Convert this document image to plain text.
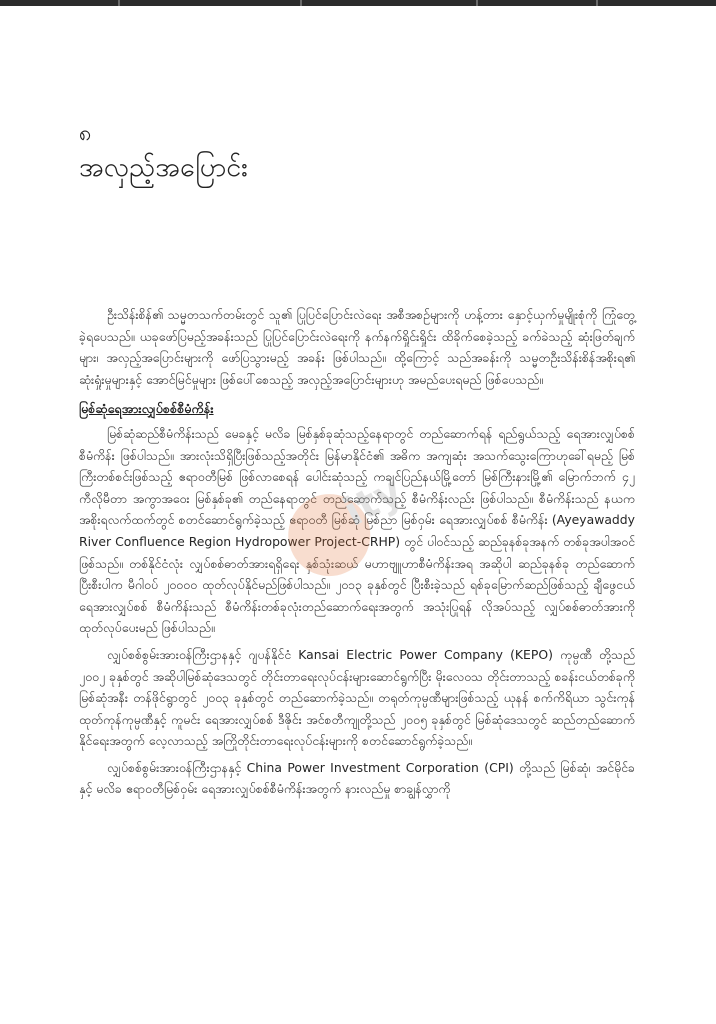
၈
အလှည့်အပြောင်း

ဦးသိန်းစိန်၏ သမ္မတသက်တမ်းတွင် သူ၏ ပြုပြင်ပြောင်းလဲရေး အစီအစဉ်များကို ဟန့်တား နှောင့်ယှက်မှုမျိုးစုံကို ကြုံတွေ့ခဲ့ရပေသည်။ ယခုဖော်ပြမည့်အခန်းသည် ပြုပြင်ပြောင်းလဲရေးကို နက်နက်ရှိုင်းရှိုင်း ထိခိုက်စေခဲ့သည့် ခက်ခဲသည့် ဆုံးဖြတ်ချက်များ၊ အလှည့်အပြောင်းများကို ဖော်ပြသွားမည့် အခန်း ဖြစ်ပါသည်။ ထို့ကြောင့် သည်အခန်းကို သမ္မတဦးသိန်းစိန်အစိုးရ၏ ဆုံးရှုံးမှုများနှင့် အောင်မြင်မှုများ ဖြစ်ပေါ်စေသည့် အလှည့်အပြောင်းများဟု အမည်ပေးရမည် ဖြစ်ပေသည်။

မြစ်ဆုံရေအားလျှပ်စစ်စီမံကိန်း

မြစ်ဆုံဆည်စီမံကိန်းသည် မေခနှင့် မလိခ မြစ်နှစ်ခုဆုံသည့်နေရာတွင် တည်ဆောက်ရန် ရည်ရွယ်သည့် ရေအားလျှပ်စစ်စီမံကိန်း ဖြစ်ပါသည်။ အားလုံးသိရှိပြီးဖြစ်သည့်အတိုင်း မြန်မာနိုင်ငံ၏ အဓိက အကျဆုံး အသက်သွေးကြောဟုခေါ်ရမည့် မြစ်ကြီးတစ်စင်းဖြစ်သည့် ဧရာဝတီမြစ် ဖြစ်လာစေရန် ပေါင်းဆုံသည့် ကချင်ပြည်နယ်မြို့တော် မြစ်ကြီးနားမြို့၏ မြောက်ဘက် ၄၂ ကီလိုမီတာ အကွာအဝေး မြစ်နှစ်ခု၏ တည်နေရာတွင် တည်ဆောက်သည့် စီမံကိန်းလည်း ဖြစ်ပါသည်။ စီမံကိန်းသည် နယက အစိုးရလက်ထက်တွင် စတင်ဆောင်ရွက်ခဲ့သည့် ဧရာဝတီ မြစ်ဆုံ မြစ်ညာ မြစ်ဝှမ်း ရေအားလျှပ်စစ် စီမံကိန်း (Ayeyawaddy River Confluence Region Hydropower Project-CRHP) တွင် ပါဝင်သည့် ဆည်ခုနစ်ခုအနက် တစ်ခုအပါအဝင်ဖြစ်သည်။ တစ်နိုင်ငံလုံး လျှပ်စစ်ဓာတ်အားရရှိရေး နှစ်သုံးဆယ် မဟာဗျူဟာစီမံကိန်းအရ အဆိုပါ ဆည်ခုနစ်ခု တည်ဆောက်ပြီးစီးပါက မီဂါဝပ် ၂၀၀၀၀ ထုတ်လုပ်နိုင်မည်ဖြစ်ပါသည်။ ၂၀၁၃ ခုနှစ်တွင် ပြီးစီးခဲ့သည် ရစ်ခုမြောက်ဆည်ဖြစ်သည့် ချီဖွေငယ် ရေအားလျှပ်စစ် စီမံကိန်းသည် စီမံကိန်းတစ်ခုလုံးတည်ဆောက်ရေးအတွက် အသုံးပြုရန် လိုအပ်သည့် လျှပ်စစ်ဓာတ်အားကို ထုတ်လုပ်ပေးမည် ဖြစ်ပါသည်။

လျှပ်စစ်စွမ်းအားဝန်ကြီးဌာနနှင့် ဂျပန်နိုင်ငံ Kansai Electric Power Company (KEPO) ကုမ္ပဏီ တို့သည် ၂၀၀၂ ခုနှစ်တွင် အဆိုပါမြစ်ဆုံဒေသတွင် တိုင်းတာရေးလုပ်ငန်းများဆောင်ရွက်ပြီး မိုးလေဝသ တိုင်းတာသည့် စခန်းငယ်တစ်ခုကို မြစ်ဆုံအနီး တန်ဖိုင်ရွာတွင် ၂၀၀၃ ခုနှစ်တွင် တည်ဆောက်ခဲ့သည်။ တရုတ်ကုမ္ပဏီများဖြစ်သည့် ယုနန် စက်ကိရိယာ သွင်းကုန်ထုတ်ကုန်ကုမ္ပဏီနှင့် ကူမင်း ရေအားလျှပ်စစ် ဒီဇိုင်း အင်စတီကျုတို့သည် ၂၀၀၅ ခုနှစ်တွင် မြစ်ဆုံဒေသတွင် ဆည်တည်ဆောက်နိုင်ရေးအတွက် လေ့လာသည့် အကြိုတိုင်းတာရေးလုပ်ငန်းများကို စတင်ဆောင်ရွက်ခဲ့သည်။

လျှပ်စစ်စွမ်းအားဝန်ကြီးဌာနနှင့် China Power Investment Corporation (CPI) တို့သည် မြစ်ဆုံ၊ အင်မိုင်ခနှင့် မလိခ ဧရာဝတီမြစ်ဝှမ်း ရေအားလျှပ်စစ်စီမံကိန်းအတွက် နားလည်မှု စာချွန်လွှာကို

ity
